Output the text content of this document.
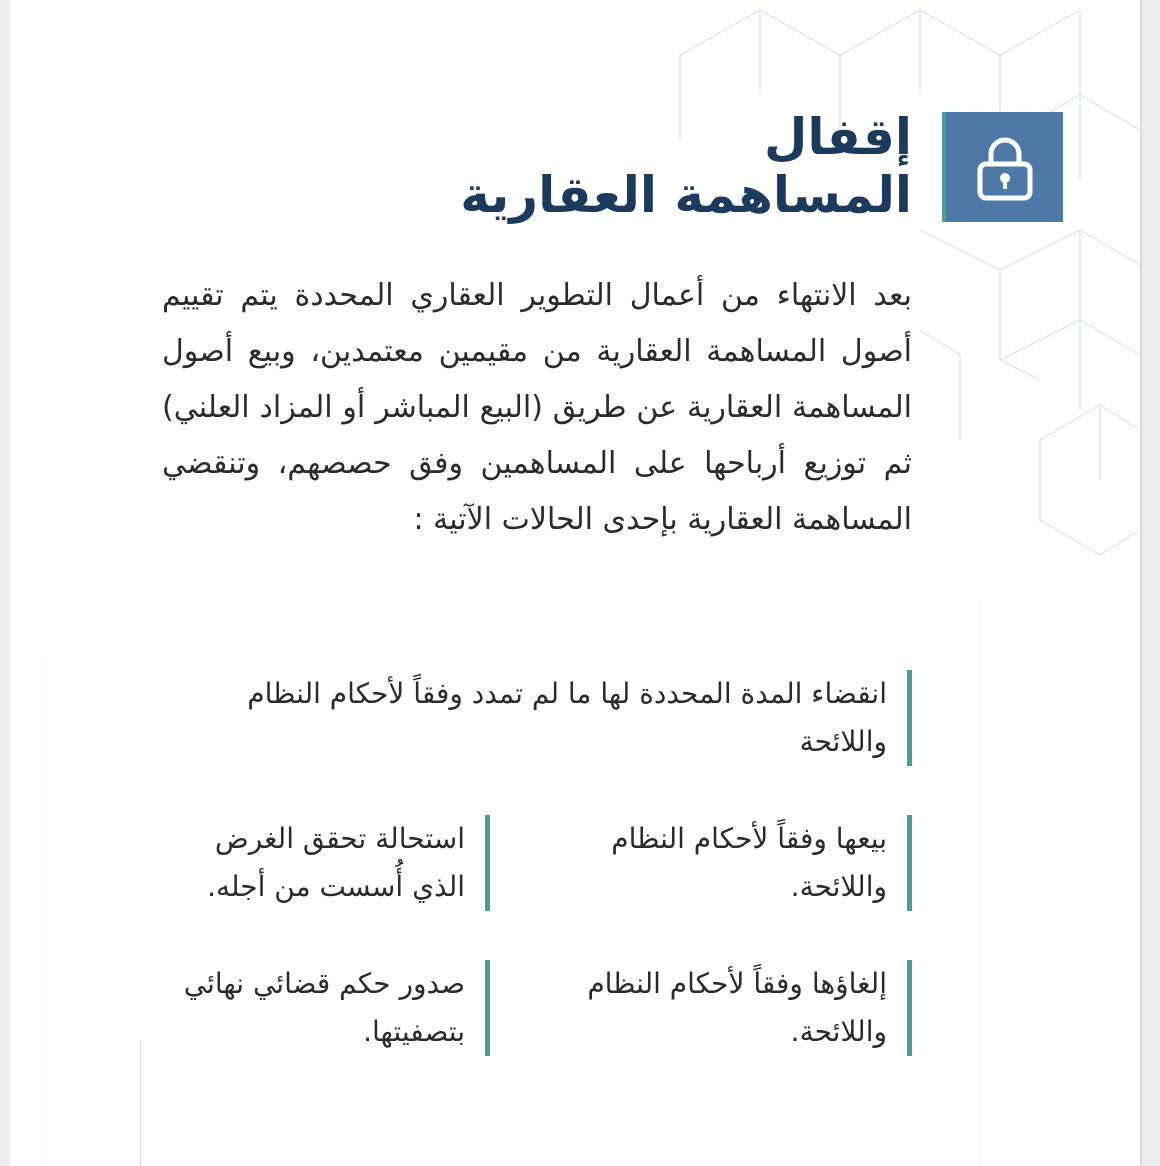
إقفال
المساهمة العقارية
بعد الانتهاء من أعمال التطوير العقاري المحددة يتم تقييم أصول المساهمة العقارية من مقيمين معتمدين، وبيع أصول المساهمة العقارية عن طريق (البيع المباشر أو المزاد العلني) ثم توزيع أرباحها على المساهمين وفق حصصهم، وتنقضي المساهمة العقارية بإحدى الحالات الآتية :
انقضاء المدة المحددة لها ما لم تمدد وفقاً لأحكام النظام واللائحة
بيعها وفقاً لأحكام النظام واللائحة.
استحالة تحقق الغرض الذي أُسست من أجله.
إلغاؤها وفقاً لأحكام النظام واللائحة.
صدور حكم قضائي نهائي بتصفيتها.
